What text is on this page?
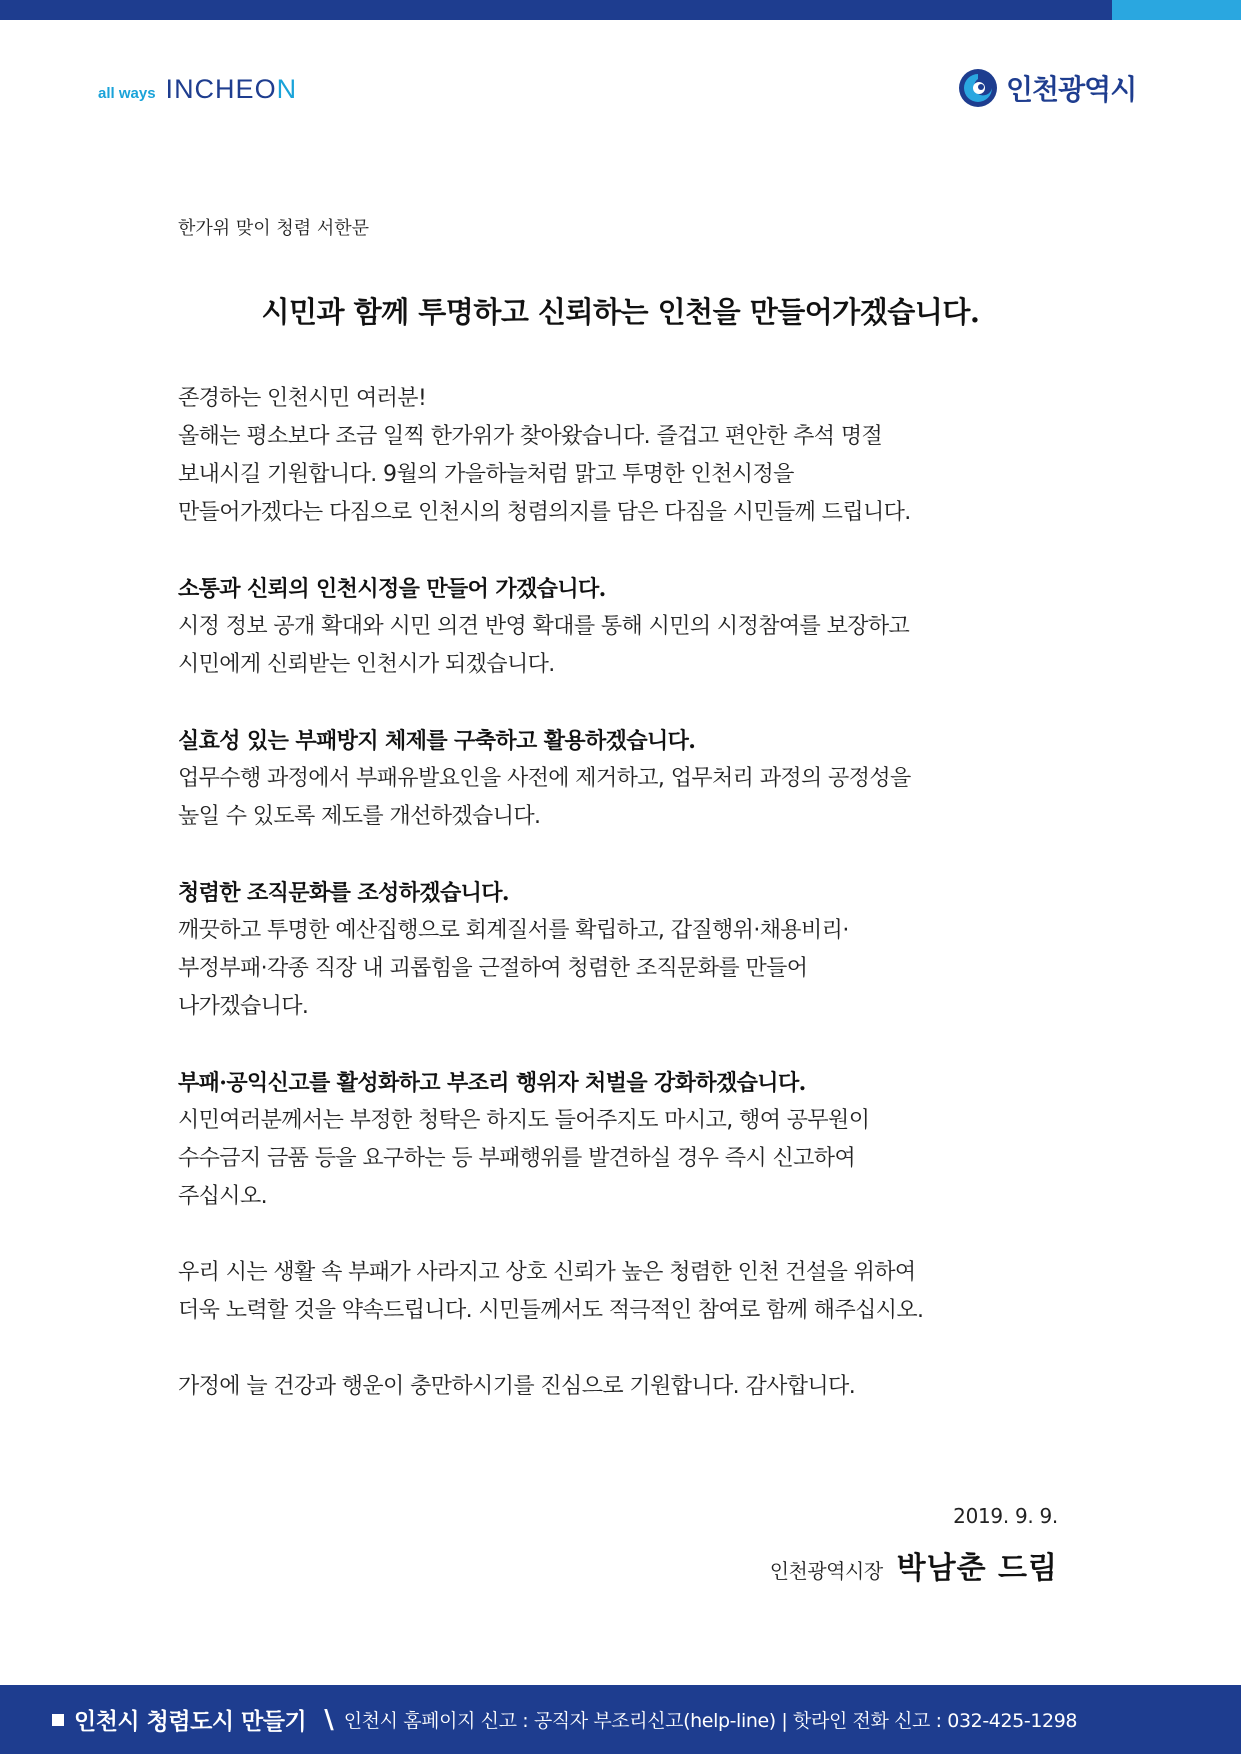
all ways INCHEON	인천광역시
한가위 맞이 청렴 서한문
시민과 함께 투명하고 신뢰하는 인천을 만들어가겠습니다.

존경하는 인천시민 여러분!
올해는 평소보다 조금 일찍 한가위가 찾아왔습니다. 즐겁고 편안한 추석 명절
보내시길 기원합니다. 9월의 가을하늘처럼 맑고 투명한 인천시정을
만들어가겠다는 다짐으로 인천시의 청렴의지를 담은 다짐을 시민들께 드립니다.

소통과 신뢰의 인천시정을 만들어 가겠습니다.
시정 정보 공개 확대와 시민 의견 반영 확대를 통해 시민의 시정참여를 보장하고
시민에게 신뢰받는 인천시가 되겠습니다.

실효성 있는 부패방지 체제를 구축하고 활용하겠습니다.
업무수행 과정에서 부패유발요인을 사전에 제거하고, 업무처리 과정의 공정성을
높일 수 있도록 제도를 개선하겠습니다.

청렴한 조직문화를 조성하겠습니다.
깨끗하고 투명한 예산집행으로 회계질서를 확립하고, 갑질행위·채용비리·
부정부패·각종 직장 내 괴롭힘을 근절하여 청렴한 조직문화를 만들어
나가겠습니다.

부패·공익신고를 활성화하고 부조리 행위자 처벌을 강화하겠습니다.
시민여러분께서는 부정한 청탁은 하지도 들어주지도 마시고, 행여 공무원이
수수금지 금품 등을 요구하는 등 부패행위를 발견하실 경우 즉시 신고하여
주십시오.

우리 시는 생활 속 부패가 사라지고 상호 신뢰가 높은 청렴한 인천 건설을 위하여
더욱 노력할 것을 약속드립니다. 시민들께서도 적극적인 참여로 함께 해주십시오.

가정에 늘 건강과 행운이 충만하시기를 진심으로 기원합니다. 감사합니다.

2019. 9. 9.
인천광역시장 박남춘 드림
인천시 청렴도시 만들기 \ 인천시 홈페이지 신고 : 공직자 부조리신고(help-line) | 핫라인 전화 신고 : 032-425-1298
